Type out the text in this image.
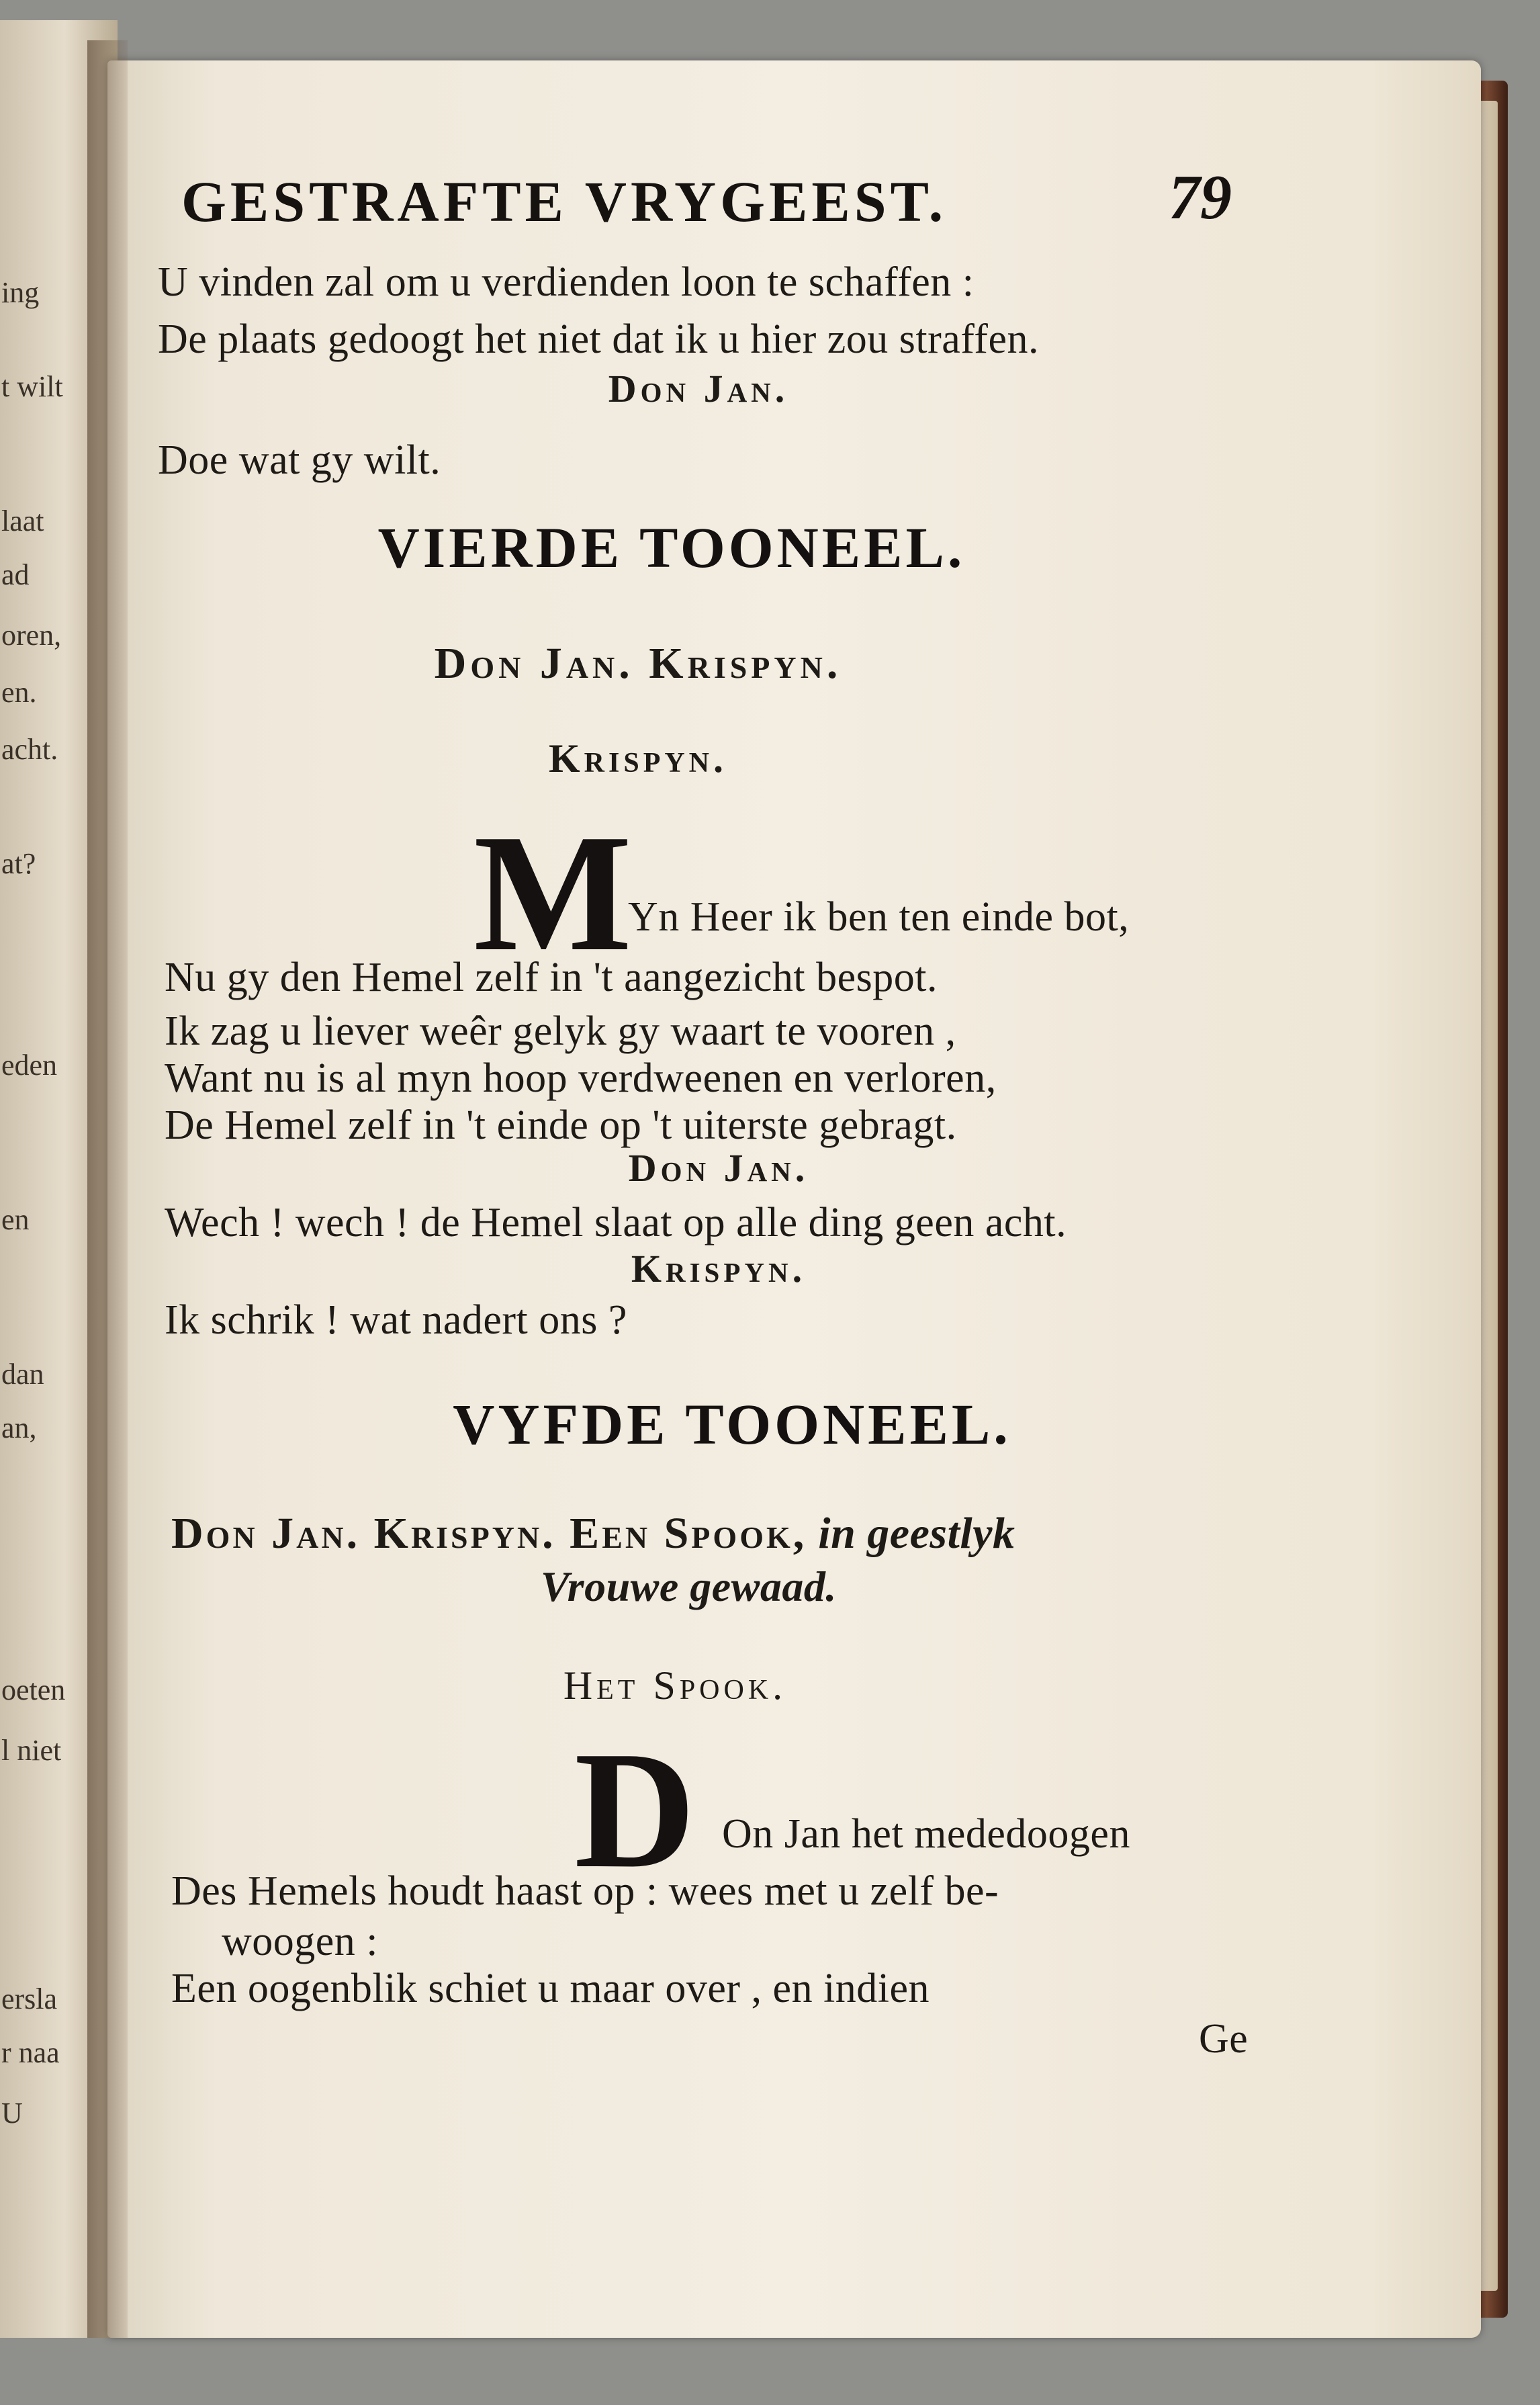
ing
t wilt
laat
ad
oren,
en.
acht.
at?
eden
en
dan
an,
oeten
l niet
ersla
r naa
U
GESTRAFTE VRYGEEST.	79
U vinden zal om u verdienden loon te schaffen :
De plaats gedoogt het niet dat ik u hier zou straffen.
Don Jan.
Doe wat gy wilt.
VIERDE TOONEEL.
Don Jan. Krispyn.
Krispyn.
M
Yn Heer ik ben ten einde bot,
Nu gy den Hemel zelf in 't aangezicht bespot.
Ik zag u liever weêr gelyk gy waart te vooren ,
Want nu is al myn hoop verdweenen en verloren,
De Hemel zelf in 't einde op 't uiterste gebragt.
Don Jan.
Wech ! wech ! de Hemel slaat op alle ding geen acht.
Krispyn.
Ik schrik ! wat nadert ons ?
VYFDE TOONEEL.
Don Jan. Krispyn. Een Spook, in geestlyk
Vrouwe gewaad.
Het Spook.
D On Jan het mededoogen
Des Hemels houdt haast op : wees met u zelf be-
woogen :
Een oogenblik schiet u maar over , en indien
Ge
